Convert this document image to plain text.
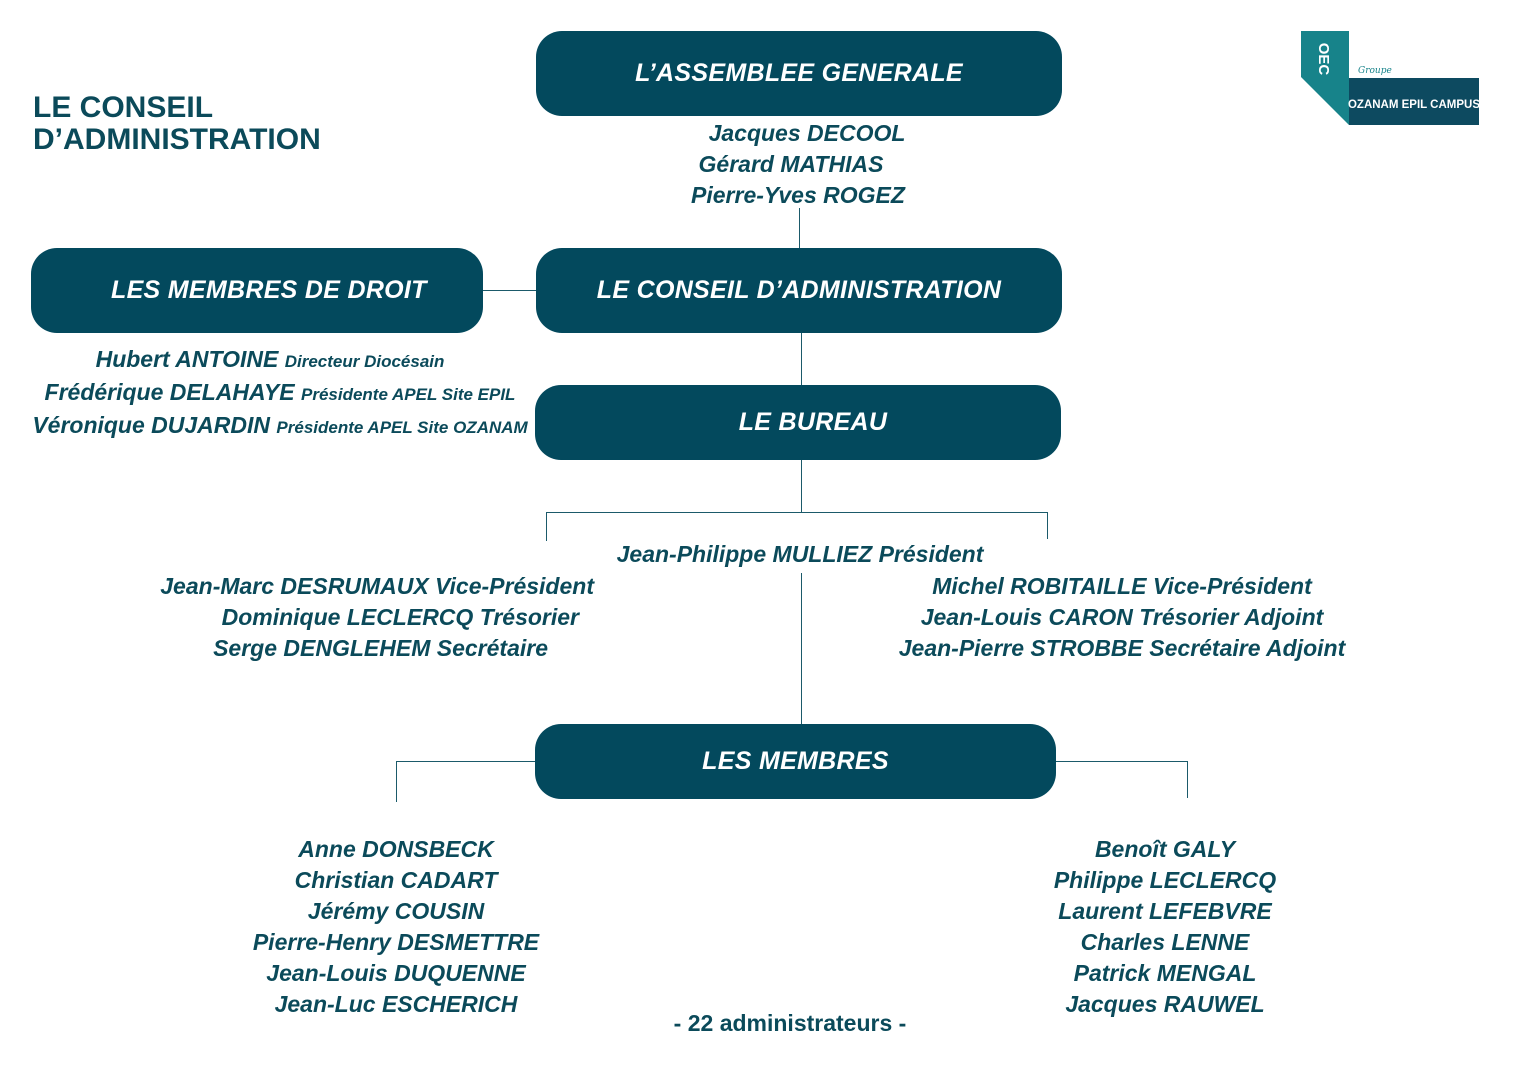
LE CONSEIL
D’ADMINISTRATION
OEC	Groupe
OZANAM EPIL CAMPUS
L’ASSEMBLEE GENERALE
LES MEMBRES DE DROIT	LE CONSEIL D’ADMINISTRATION
LE BUREAU
LES MEMBRES
Jacques DECOOL
Gérard MATHIAS
Pierre-Yves ROGEZ
Hubert ANTOINE Directeur Diocésain
Frédérique DELAHAYE Présidente APEL Site EPIL
Véronique DUJARDIN Présidente APEL Site OZANAM
Jean-Philippe MULLIEZ Président
Jean-Marc DESRUMAUX Vice-Président
Dominique LECLERCQ Trésorier
Serge DENGLEHEM Secrétaire
Michel ROBITAILLE Vice-Président
Jean-Louis CARON Trésorier Adjoint
Jean-Pierre STROBBE Secrétaire Adjoint
Anne DONSBECK
Christian CADART
Jérémy COUSIN
Pierre-Henry DESMETTRE
Jean-Louis DUQUENNE
Jean-Luc ESCHERICH
Benoît GALY
Philippe LECLERCQ
Laurent LEFEBVRE
Charles LENNE
Patrick MENGAL
Jacques RAUWEL
- 22 administrateurs -
